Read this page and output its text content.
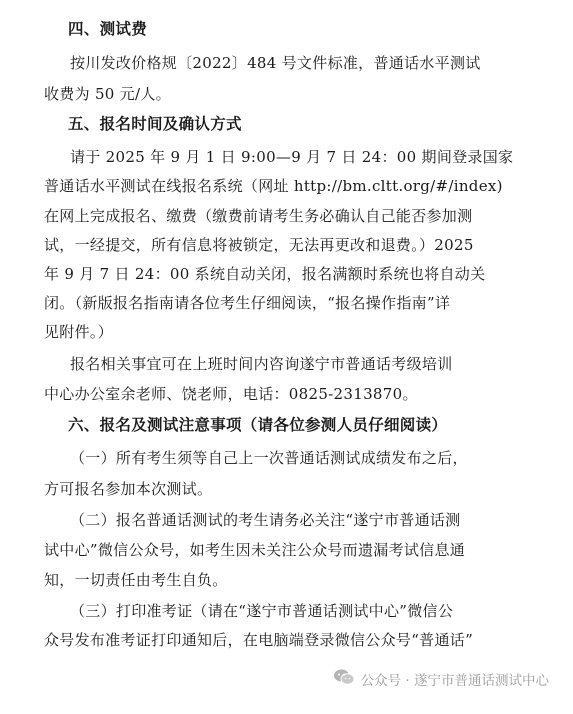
四、测试费
按川发改价格规〔2022〕484 号文件标准，普通话水平测试
收费为 50 元/人。
五、报名时间及确认方式
请于 2025 年 9 月 1 日 9:00—9 月 7 日 24：00 期间登录国家
普通话水平测试在线报名系统（网址 http://bm.cltt.org/#/index)
在网上完成报名、缴费（缴费前请考生务必确认自己能否参加测
试，一经提交，所有信息将被锁定，无法再更改和退费。）2025
年 9 月 7 日 24：00 系统自动关闭，报名满额时系统也将自动关
闭。（新版报名指南请各位考生仔细阅读，“报名操作指南”详
见附件。）
报名相关事宜可在上班时间内咨询遂宁市普通话考级培训
中心办公室余老师、饶老师，电话：0825-2313870。
六、报名及测试注意事项（请各位参测人员仔细阅读）
（一）所有考生须等自己上一次普通话测试成绩发布之后，
方可报名参加本次测试。
（二）报名普通话测试的考生请务必关注“遂宁市普通话测
试中心”微信公众号，如考生因未关注公众号而遗漏考试信息通
知，一切责任由考生自负。
（三）打印准考证（请在“遂宁市普通话测试中心”微信公
众号发布准考证打印通知后，在电脑端登录微信公众号“普通话”
公众号 · 遂宁市普通话测试中心
